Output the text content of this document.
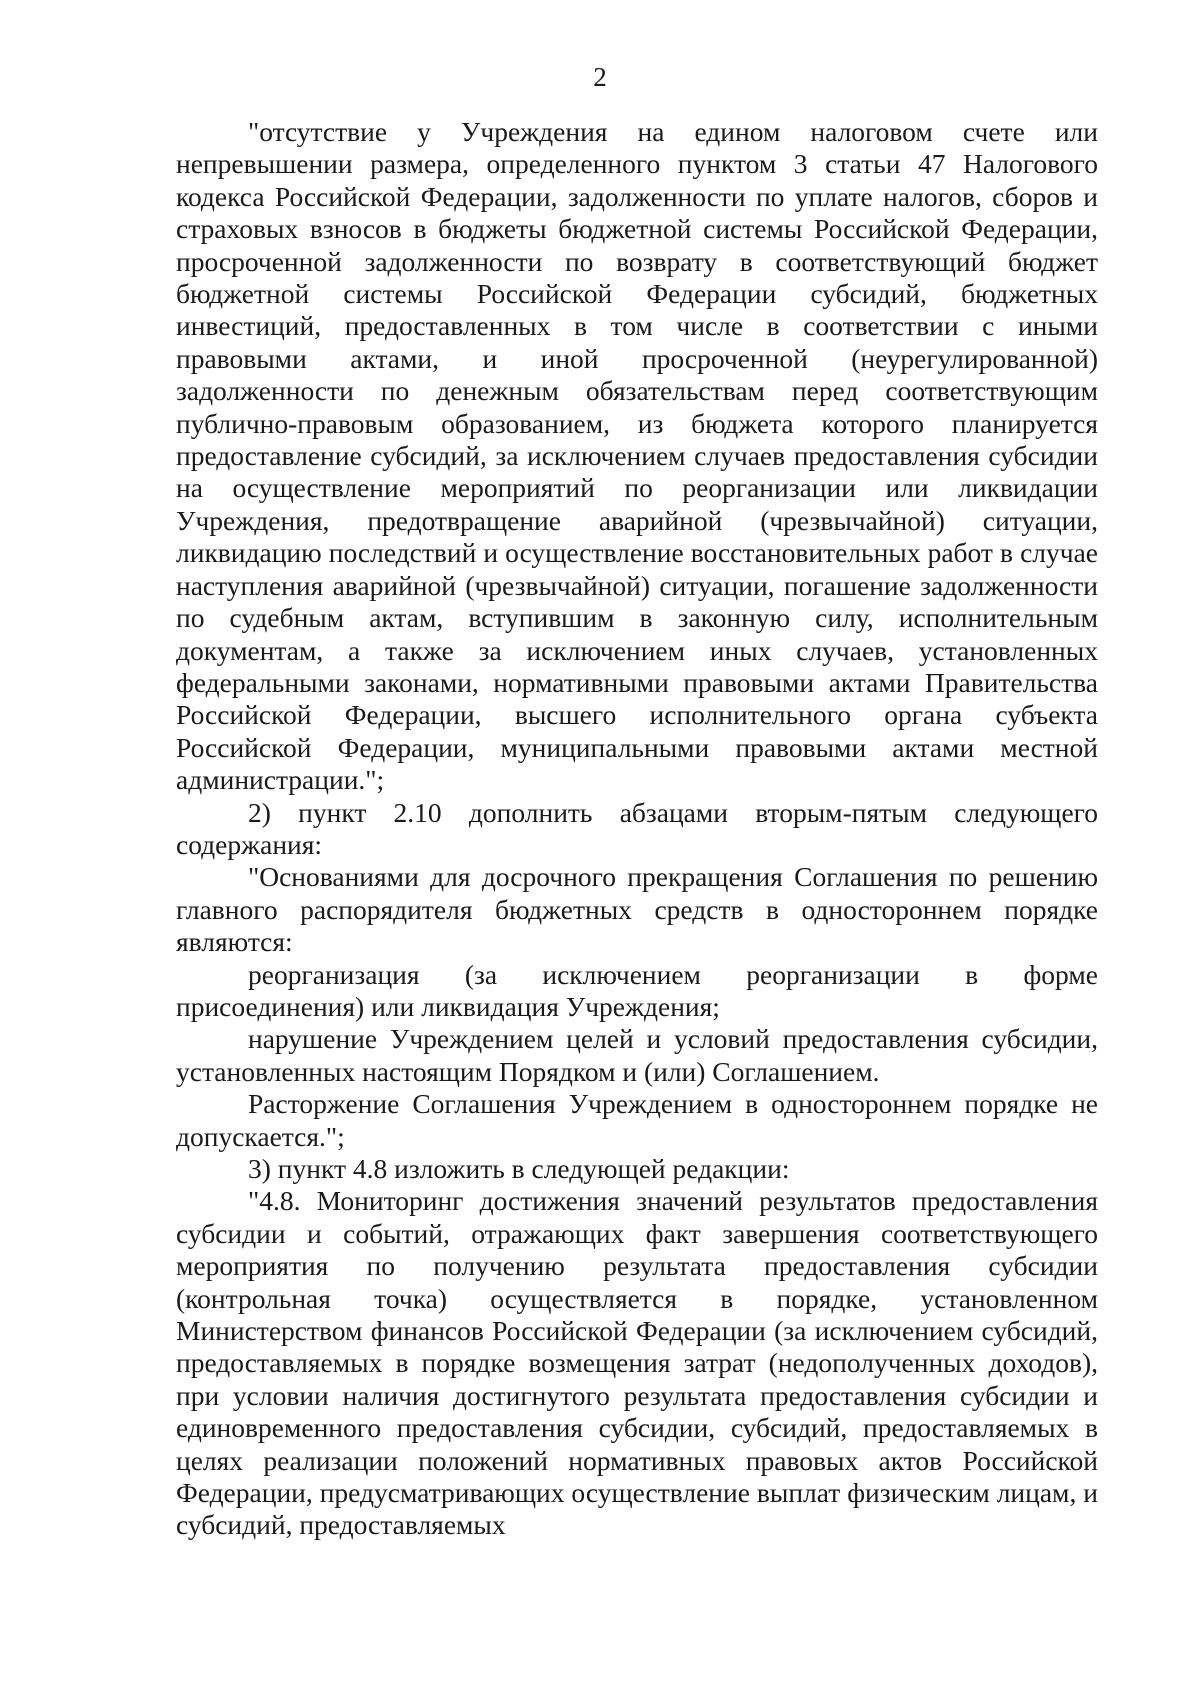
2

"отсутствие у Учреждения на едином налоговом счете или непревышении размера, определенного пунктом 3 статьи 47 Налогового кодекса Российской Федерации, задолженности по уплате налогов, сборов и страховых взносов в бюджеты бюджетной системы Российской Федерации, просроченной задолженности по возврату в соответствующий бюджет бюджетной системы Российской Федерации субсидий, бюджетных инвестиций, предоставленных в том числе в соответствии с иными правовыми актами, и иной просроченной (неурегулированной) задолженности по денежным обязательствам перед соответствующим публично-правовым образованием, из бюджета которого планируется предоставление субсидий, за исключением случаев предоставления субсидии на осуществление мероприятий по реорганизации или ликвидации Учреждения, предотвращение аварийной (чрезвычайной) ситуации, ликвидацию последствий и осуществление восстановительных работ в случае наступления аварийной (чрезвычайной) ситуации, погашение задолженности по судебным актам, вступившим в законную силу, исполнительным документам, а также за исключением иных случаев, установленных федеральными законами, нормативными правовыми актами Правительства Российской Федерации, высшего исполнительного органа субъекта Российской Федерации, муниципальными правовыми актами местной администрации.";

2) пункт 2.10 дополнить абзацами вторым-пятым следующего содержания:

"Основаниями для досрочного прекращения Соглашения по решению главного распорядителя бюджетных средств в одностороннем порядке являются:

реорганизация (за исключением реорганизации в форме присоединения) или ликвидация Учреждения;

нарушение Учреждением целей и условий предоставления субсидии, установленных настоящим Порядком и (или) Соглашением.

Расторжение Соглашения Учреждением в одностороннем порядке не допускается.";

3) пункт 4.8 изложить в следующей редакции:

"4.8. Мониторинг достижения значений результатов предоставления субсидии и событий, отражающих факт завершения соответствующего мероприятия по получению результата предоставления субсидии (контрольная точка) осуществляется в порядке, установленном Министерством финансов Российской Федерации (за исключением субсидий, предоставляемых в порядке возмещения затрат (недополученных доходов), при условии наличия достигнутого результата предоставления субсидии и единовременного предоставления субсидии, субсидий, предоставляемых в целях реализации положений нормативных правовых актов Российской Федерации, предусматривающих осуществление выплат физическим лицам, и субсидий, предоставляемых
